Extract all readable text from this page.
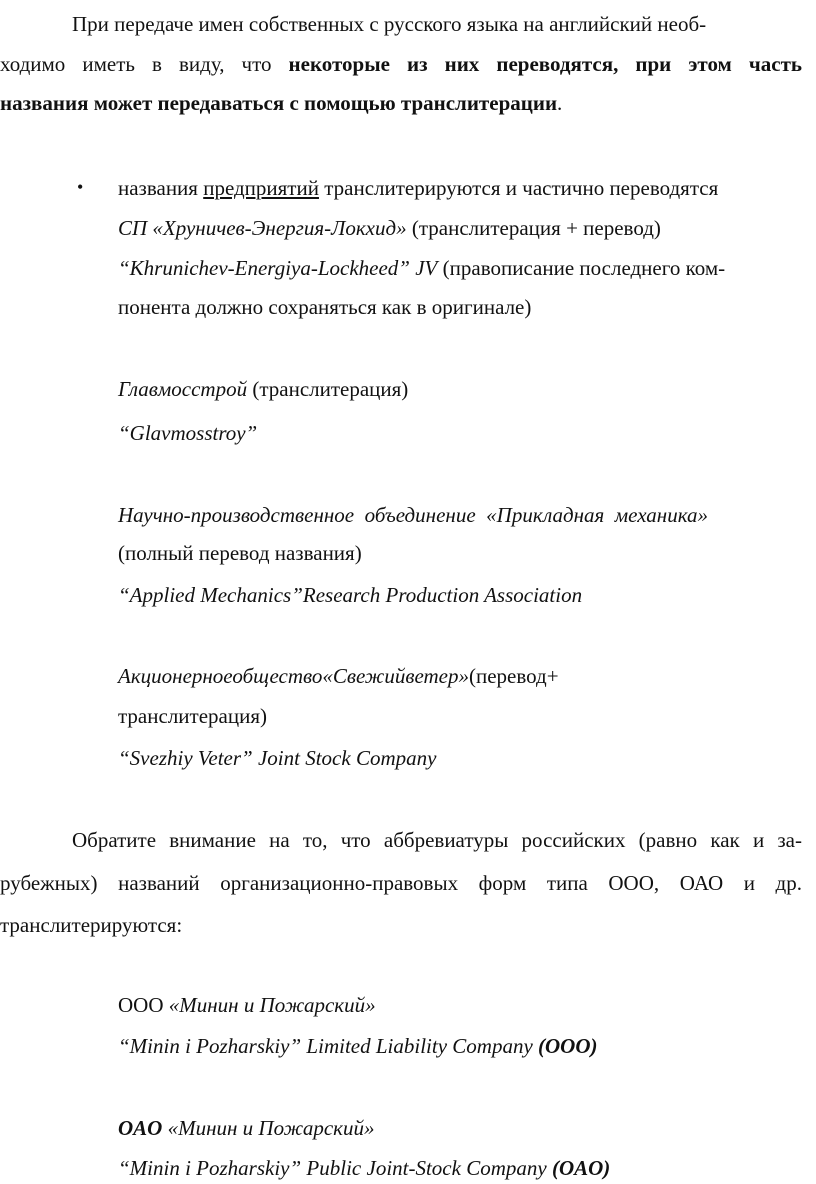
При передаче имен собственных с русского языка на английский необ-
ходимо иметь в виду, что некоторые из них переводятся, при этом часть
названия может передаваться с помощью транслитерации.
• названия предприятий транслитерируются и частично переводятся
СП «Хруничев-Энергия-Локхид» (транслитерация + перевод)
“Khrunichev-Energiya-Lockheed” JV (правописание последнего ком-
понента должно сохраняться как в оригинале)
Главмосстрой (транслитерация)
“Glavmosstroy”
Научно-производственное  объединение  «Прикладная  механика»
(полный перевод названия)
“Applied Mechanics”Research Production Association
Акционерноеобщество«Свежийветер»(перевод+
транслитерация)
“Svezhiy Veter” Joint Stock Company
Обратите внимание на то, что аббревиатуры российских (равно как и за-
рубежных) названий организационно-правовых форм типа ООО, ОАО и др.
транслитерируются:
ООО «Минин и Пожарский»
“Minin i Pozharskiy” Limited Liability Company (OOO)
OAO «Минин и Пожарский»
“Minin i Pozharskiy” Public Joint-Stock Company (OAO)
